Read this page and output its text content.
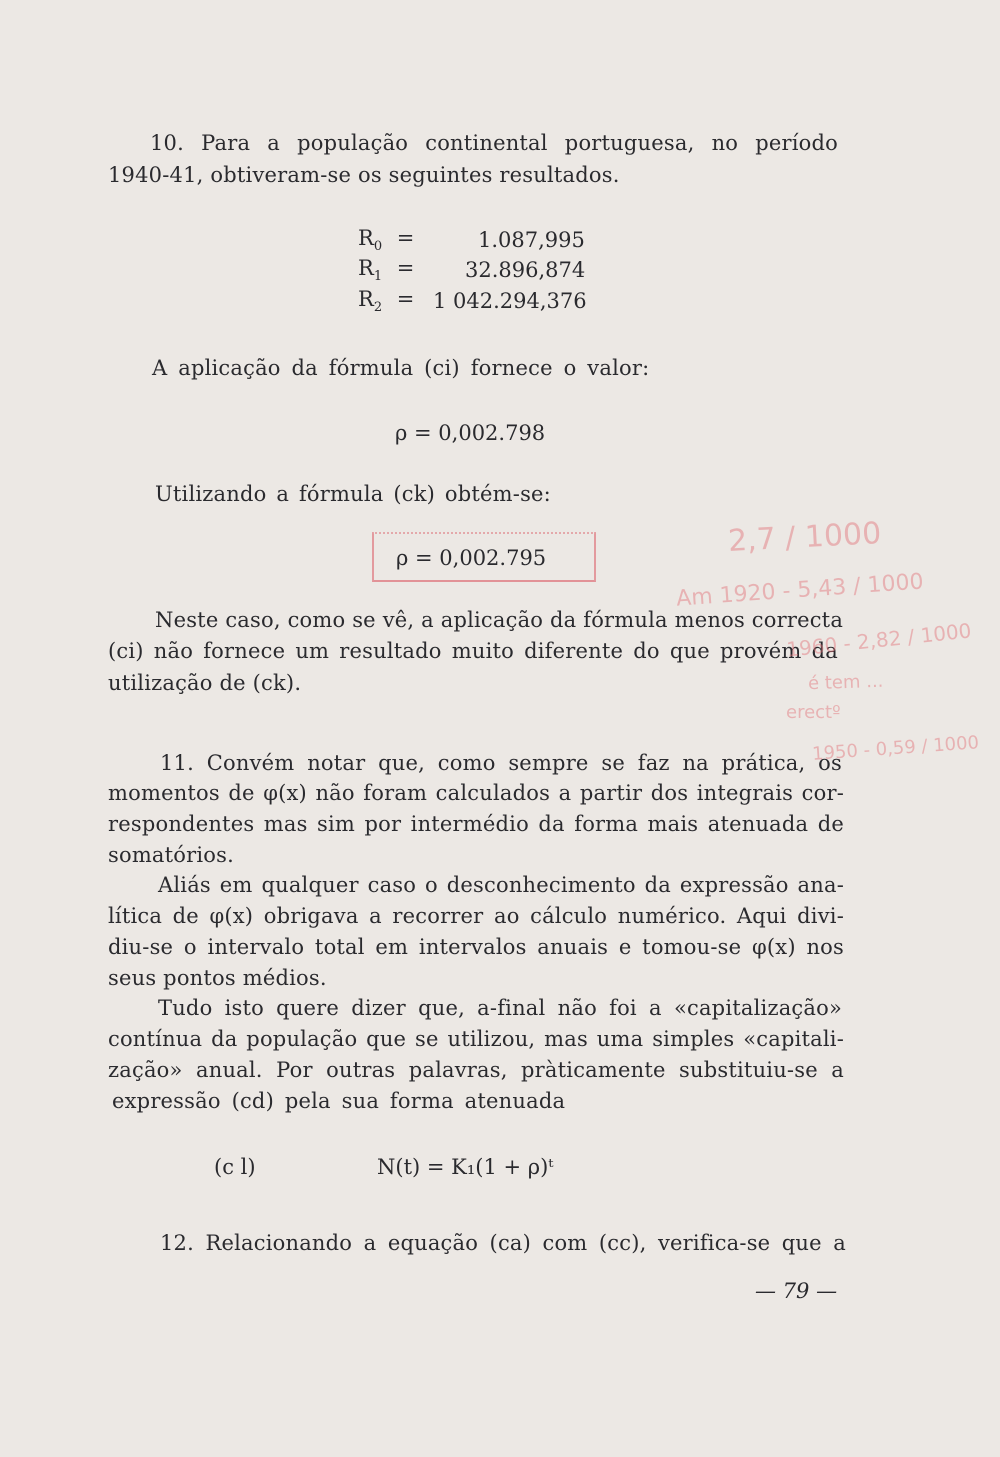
10. Para a população continental portuguesa, no período
1940-41, obtiveram-se os seguintes resultados.
$R_0$ =	1.087,995
$R_1 = 32.896,874$
$R_2 = 1$ 042.294,376
A aplicação da fórmula (ci) fornece o valor:
ρ = 0,002.798
Utilizando a fórmula (ck) obtém-se:
ρ = 0,002.795
Neste caso, como se vê, a aplicação da fórmula menos correcta
(ci) não fornece um resultado muito diferente do que provém da
utilização de (ck).
11. Convém notar que, como sempre se faz na prática, os
momentos de φ(x) não foram calculados a partir dos integrais cor-
respondentes mas sim por intermédio da forma mais atenuada de
somatórios.
Aliás em qualquer caso o desconhecimento da expressão ana-
lítica de φ(x) obrigava a recorrer ao cálculo numérico. Aqui divi-
diu-se o intervalo total em intervalos anuais e tomou-se φ(x) nos
seus pontos médios.
Tudo isto quere dizer que, a-final não foi a «capitalização»
contínua da população que se utilizou, mas uma simples «capitali-
zação» anual. Por outras palavras, pràticamente substituiu-se a
expressão (cd) pela sua forma atenuada
(c l)	N(t) = K₁(1 + ρ)ᵗ
12. Relacionando a equação (ca) com (cc), verifica-se que a
— 79 —
2,7 / 1000
Am 1920 - 5,43 / 1000
1960 - 2,82 / 1000
é tem ...
erectº
1950 - 0,59 / 1000
